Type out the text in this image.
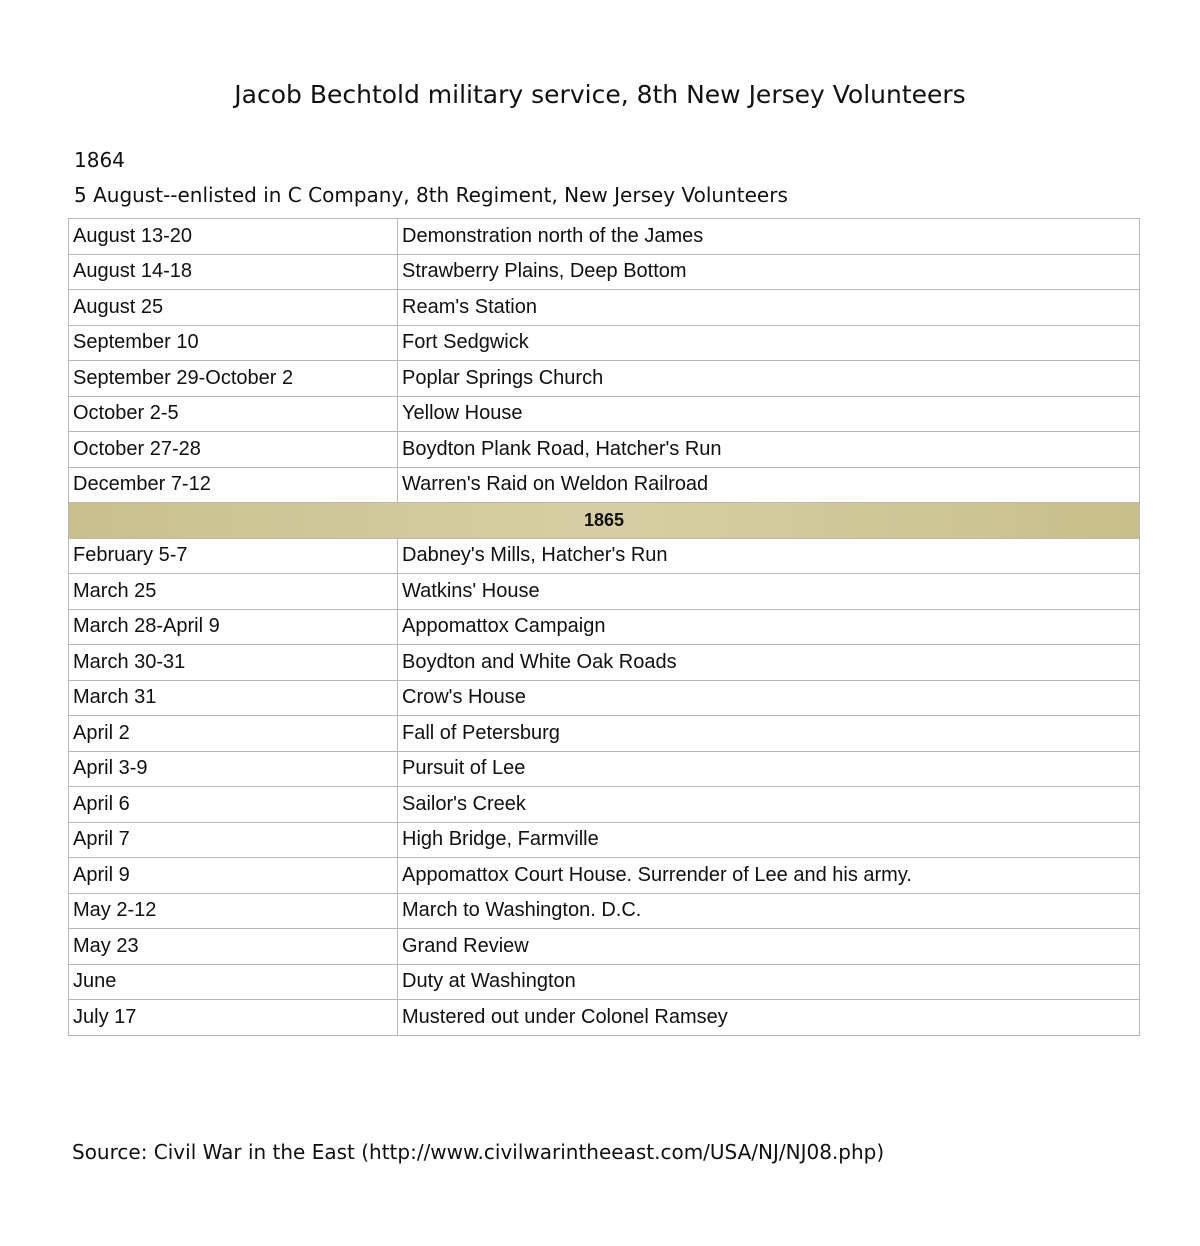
Jacob Bechtold military service, 8th New Jersey Volunteers
1864
5 August--enlisted in C Company, 8th Regiment, New Jersey Volunteers
August 13-20	Demonstration north of the James
August 14-18	Strawberry Plains, Deep Bottom
August 25	Ream's Station
September 10	Fort Sedgwick
September 29-October 2	Poplar Springs Church
October 2-5	Yellow House
October 27-28	Boydton Plank Road, Hatcher's Run
December 7-12	Warren's Raid on Weldon Railroad
1865	
February 5-7	Dabney's Mills, Hatcher's Run
March 25	Watkins' House
March 28-April 9	Appomattox Campaign
March 30-31	Boydton and White Oak Roads
March 31	Crow's House
April 2	Fall of Petersburg
April 3-9	Pursuit of Lee
April 6	Sailor's Creek
April 7	High Bridge, Farmville
April 9	Appomattox Court House. Surrender of Lee and his army.
May 2-12	March to Washington. D.C.
May 23	Grand Review
June	Duty at Washington
July 17	Mustered out under Colonel Ramsey
Source: Civil War in the East (http://www.civilwarintheeast.com/USA/NJ/NJ08.php)
